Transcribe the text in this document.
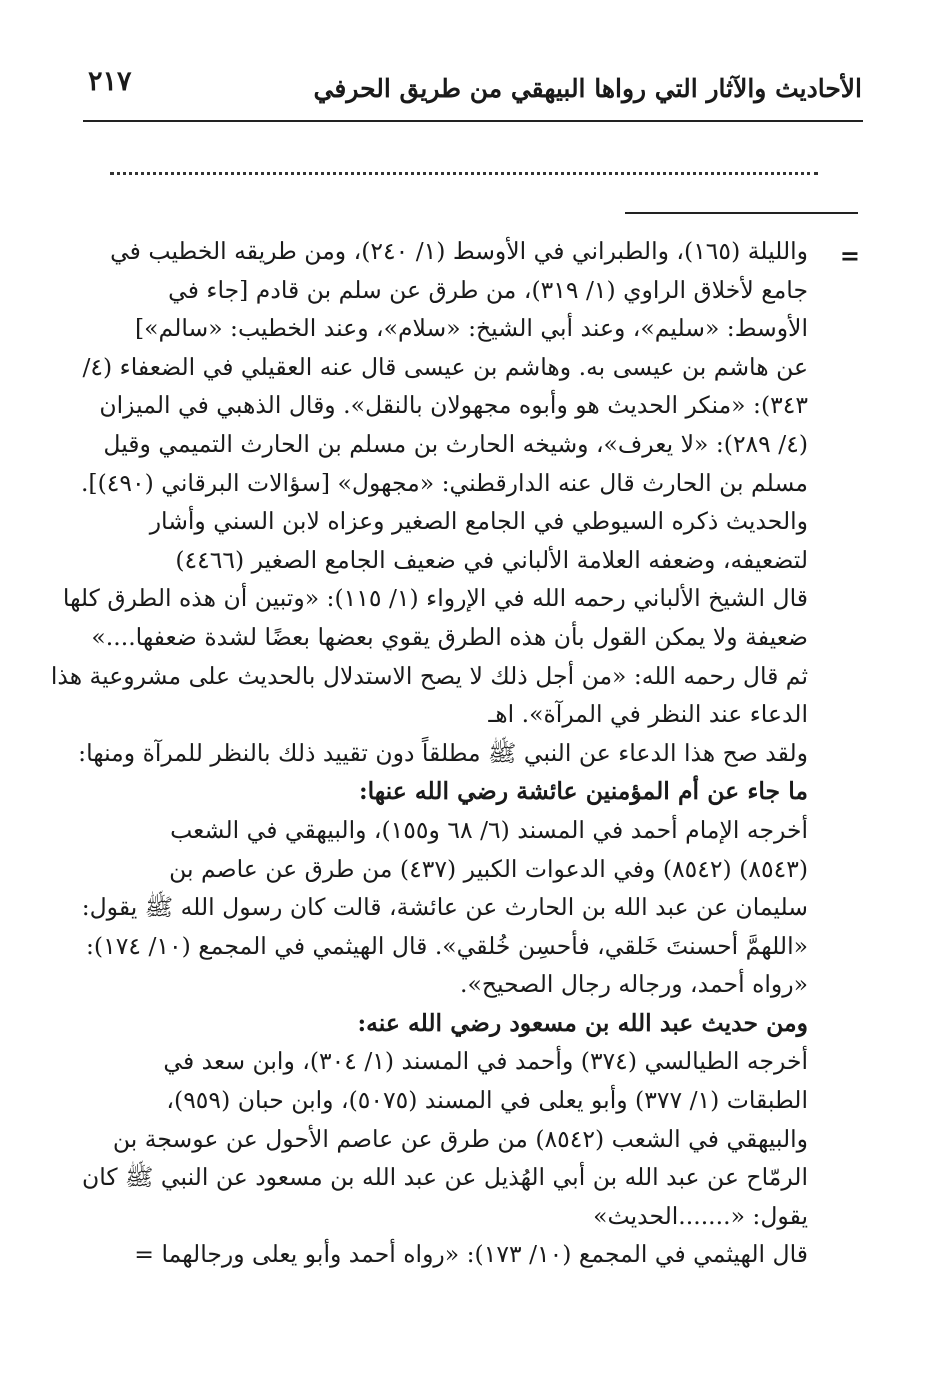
الأحاديث والآثار التي رواها البيهقي من طريق الحرفي
٢١٧
=
والليلة (١٦٥)، والطبراني في الأوسط (١/ ٢٤٠)، ومن طريقه الخطيب في
جامع لأخلاق الراوي (١/ ٣١٩)، من طرق عن سلم بن قادم [جاء في
الأوسط: «سليم»، وعند أبي الشيخ: «سلام»، وعند الخطيب: «سالم»]
عن هاشم بن عيسى به. وهاشم بن عيسى قال عنه العقيلي في الضعفاء (٤/
٣٤٣): «منكر الحديث هو وأبوه مجهولان بالنقل». وقال الذهبي في الميزان
(٤/ ٢٨٩): «لا يعرف»، وشيخه الحارث بن مسلم بن الحارث التميمي وقيل
مسلم بن الحارث قال عنه الدارقطني: «مجهول» [سؤالات البرقاني (٤٩٠)].
والحديث ذكره السيوطي في الجامع الصغير وعزاه لابن السني وأشار
لتضعيفه، وضعفه العلامة الألباني في ضعيف الجامع الصغير (٤٤٦٦)
قال الشيخ الألباني رحمه الله في الإرواء (١/ ١١٥): «وتبين أن هذه الطرق كلها
ضعيفة ولا يمكن القول بأن هذه الطرق يقوي بعضها بعضًا لشدة ضعفها....»
ثم قال رحمه الله: «من أجل ذلك لا يصح الاستدلال بالحديث على مشروعية هذا
الدعاء عند النظر في المرآة». اهـ
ولقد صح هذا الدعاء عن النبي ﷺ مطلقاً دون تقييد ذلك بالنظر للمرآة ومنها:
ما جاء عن أم المؤمنين عائشة رضي الله عنها:
أخرجه الإمام أحمد في المسند (٦/ ٦٨ و١٥٥)، والبيهقي في الشعب
(٨٥٤٣) (٨٥٤٢) وفي الدعوات الكبير (٤٣٧) من طرق عن عاصم بن
سليمان عن عبد الله بن الحارث عن عائشة، قالت كان رسول الله ﷺ يقول:
«اللهمَّ أحسنتَ خَلقي، فأحسِن خُلقي». قال الهيثمي في المجمع (١٠/ ١٧٤):
«رواه أحمد، ورجاله رجال الصحيح».
ومن حديث عبد الله بن مسعود رضي الله عنه:
أخرجه الطيالسي (٣٧٤) وأحمد في المسند (١/ ٣٠٤)، وابن سعد في
الطبقات (١/ ٣٧٧) وأبو يعلى في المسند (٥٠٧٥)، وابن حبان (٩٥٩)،
والبيهقي في الشعب (٨٥٤٢) من طرق عن عاصم الأحول عن عوسجة بن
الرمّاح عن عبد الله بن أبي الهُذيل عن عبد الله بن مسعود عن النبي ﷺ كان
يقول: «.......الحديث»
قال الهيثمي في المجمع (١٠/ ١٧٣): «رواه أحمد وأبو يعلى ورجالهما =
